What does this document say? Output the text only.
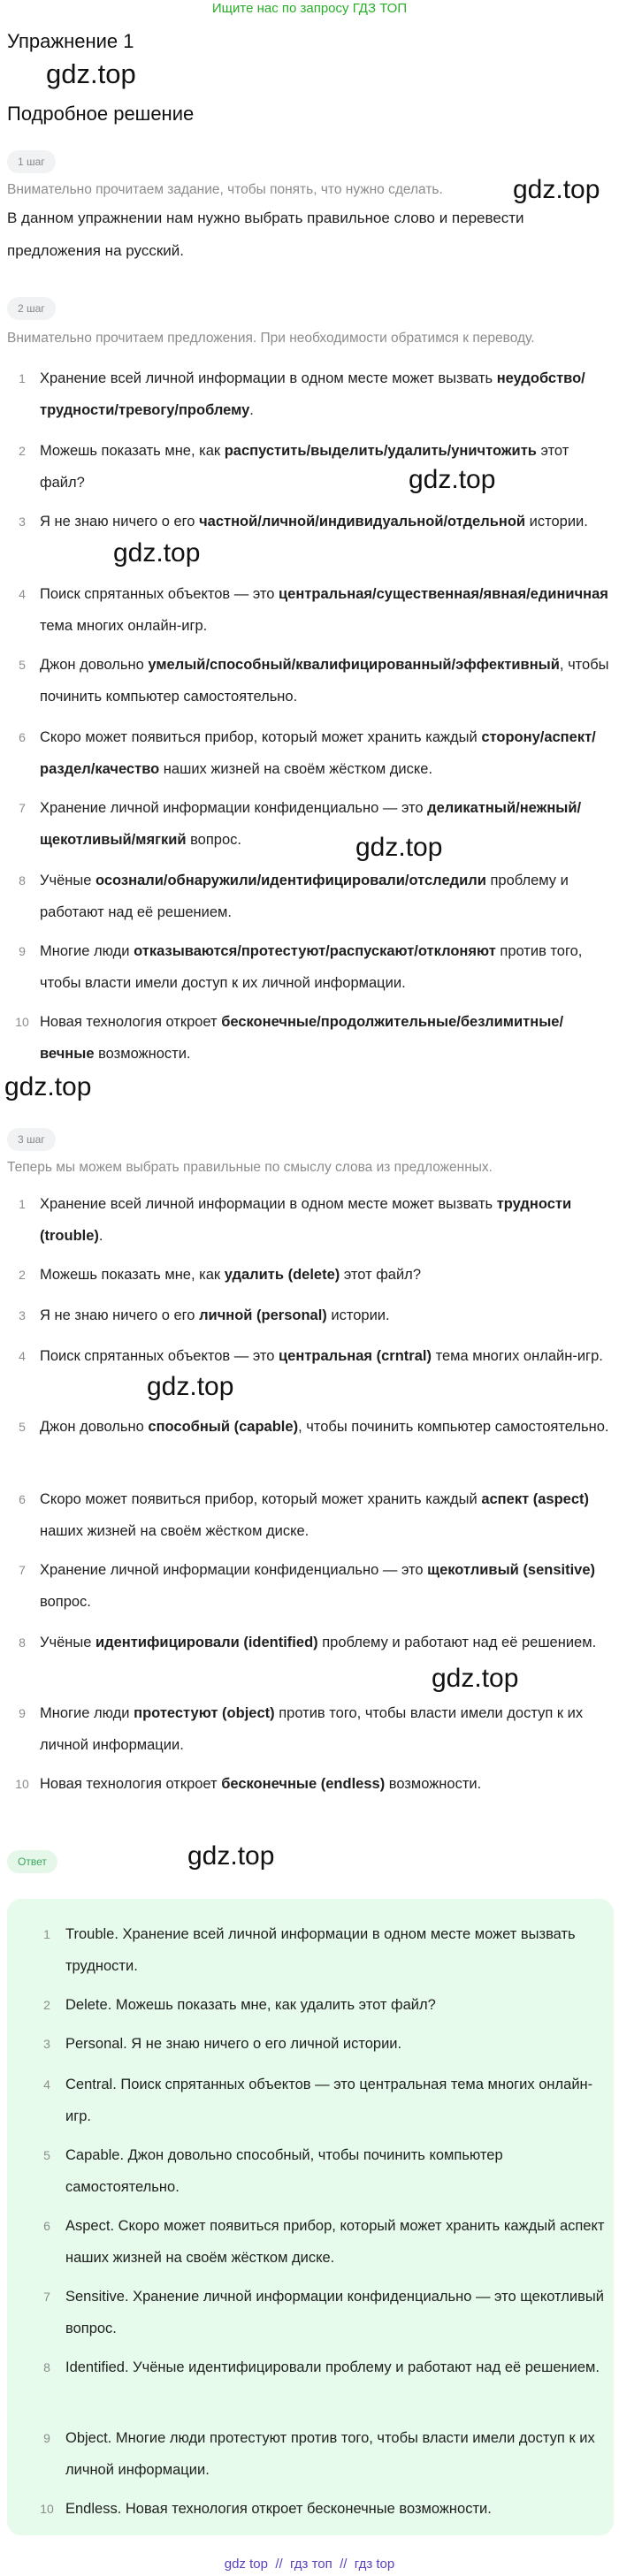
Ищите нас по запросу ГДЗ ТОП
Упражнение 1
gdz.top
Подробное решение
gdz.top
gdz.top
gdz.top
gdz.top
gdz.top
gdz.top
gdz.top
gdz.top
1 шаг
Внимательно прочитаем задание, чтобы понять, что нужно сделать.
В данном упражнении нам нужно выбрать правильное слово и перевести предложения на русский.
2 шаг
Внимательно прочитаем предложения. При необходимости обратимся к переводу.
1 Хранение всей личной информации в одном месте может вызвать неудобство/трудности/тревогу/проблему.
2 Можешь показать мне, как распустить/выделить/удалить/уничтожить этот файл?
3 Я не знаю ничего о его частной/личной/индивидуальной/отдельной истории.
4 Поиск спрятанных объектов — это центральная/существенная/явная/единичная тема многих онлайн-игр.
5 Джон довольно умелый/способный/квалифицированный/эффективный, чтобы починить компьютер самостоятельно.
6 Скоро может появиться прибор, который может хранить каждый сторону/аспект/раздел/качество наших жизней на своём жёстком диске.
7 Хранение личной информации конфиденциально — это деликатный/нежный/щекотливый/мягкий вопрос.
8 Учёные осознали/обнаружили/идентифицировали/отследили проблему и работают над её решением.
9 Многие люди отказываются/протестуют/распускают/отклоняют против того, чтобы власти имели доступ к их личной информации.
10 Новая технология откроет бесконечные/продолжительные/безлимитные/вечные возможности.
3 шаг
Теперь мы можем выбрать правильные по смыслу слова из предложенных.
1 Хранение всей личной информации в одном месте может вызвать трудности (trouble).
2 Можешь показать мне, как удалить (delete) этот файл?
3 Я не знаю ничего о его личной (personal) истории.
4 Поиск спрятанных объектов — это центральная (crntral) тема многих онлайн-игр.
5 Джон довольно способный (capable), чтобы починить компьютер самостоятельно.
6 Скоро может появиться прибор, который может хранить каждый аспект (aspect) наших жизней на своём жёстком диске.
7 Хранение личной информации конфиденциально — это щекотливый (sensitive) вопрос.
8 Учёные идентифицировали (identified) проблему и работают над её решением.
9 Многие люди протестуют (object) против того, чтобы власти имели доступ к их личной информации.
10 Новая технология откроет бесконечные (endless) возможности.
Ответ
1	Trouble. Хранение всей личной информации в одном месте может вызвать трудности.
2	Delete. Можешь показать мне, как удалить этот файл?
3	Personal. Я не знаю ничего о его личной истории.
4	Central. Поиск спрятанных объектов — это центральная тема многих онлайн-игр.
5	Capable. Джон довольно способный, чтобы починить компьютер самостоятельно.
6	Aspect. Скоро может появиться прибор, который может хранить каждый аспект наших жизней на своём жёстком диске.
7	Sensitive. Хранение личной информации конфиденциально — это щекотливый вопрос.
8	Identified. Учёные идентифицировали проблему и работают над её решением.
9	Object. Многие люди протестуют против того, чтобы власти имели доступ к их личной информации.
10 Endless. Новая технология откроет бесконечные возможности.
gdz top // гдз топ // гдз top
